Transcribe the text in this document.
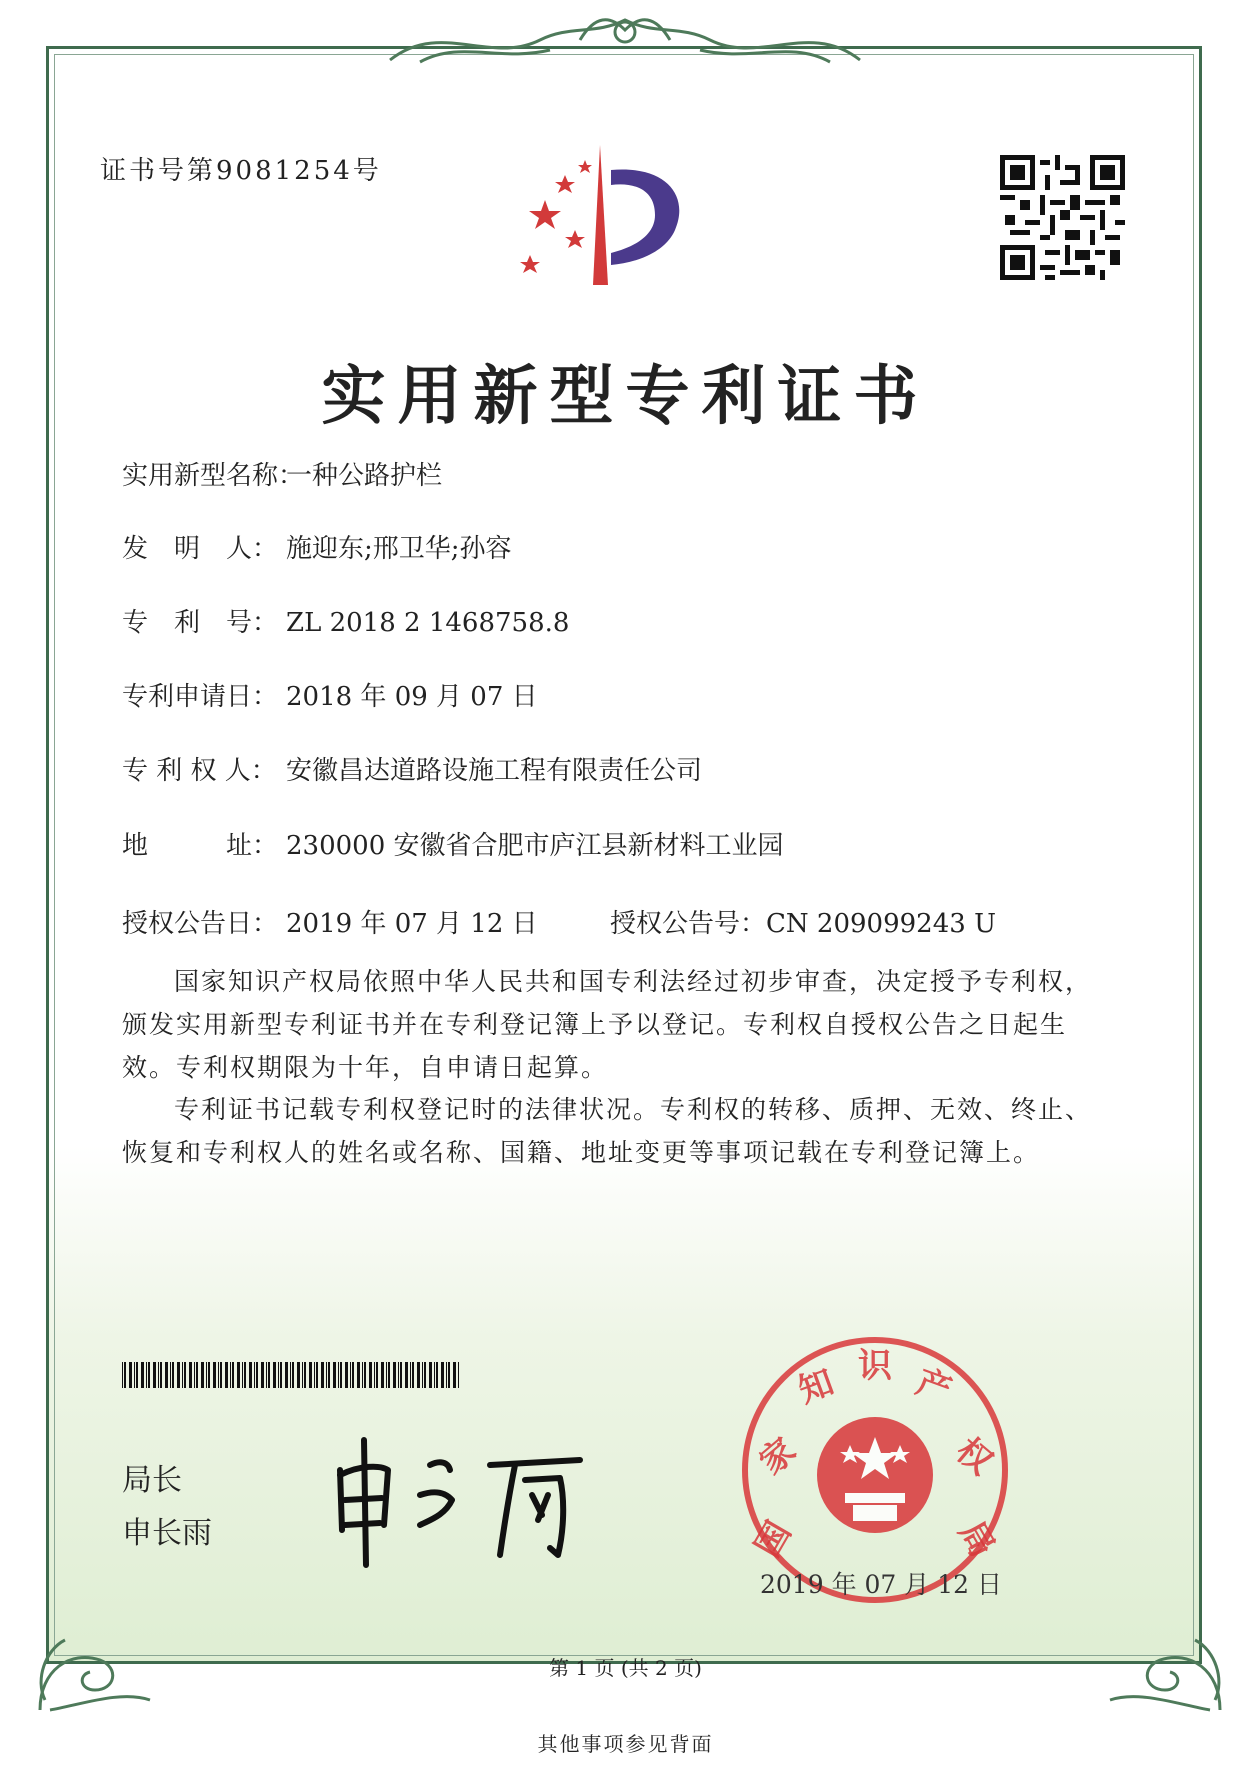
证书号第9081254号
实用新型专利证书
实用新型名称：一种公路护栏
发　明　人： 施迎东;邢卫华;孙容
专　利　号： ZL 2018 2 1468758.8
专利申请日： 2018 年 09 月 07 日
专 利 权 人： 安徽昌达道路设施工程有限责任公司
地　　　址： 230000 安徽省合肥市庐江县新材料工业园
授权公告日： 2019 年 07 月 12 日	授权公告号：CN 209099243 U
国家知识产权局依照中华人民共和国专利法经过初步审查，决定授予专利权，颁发实用新型专利证书并在专利登记簿上予以登记。专利权自授权公告之日起生效。专利权期限为十年，自申请日起算。
专利证书记载专利权登记时的法律状况。专利权的转移、质押、无效、终止、恢复和专利权人的姓名或名称、国籍、地址变更等事项记载在专利登记簿上。
局长
申长雨	国
家
知 识 产
权
局
2019 年 07 月 12 日
第 1 页 (共 2 页)
其他事项参见背面
